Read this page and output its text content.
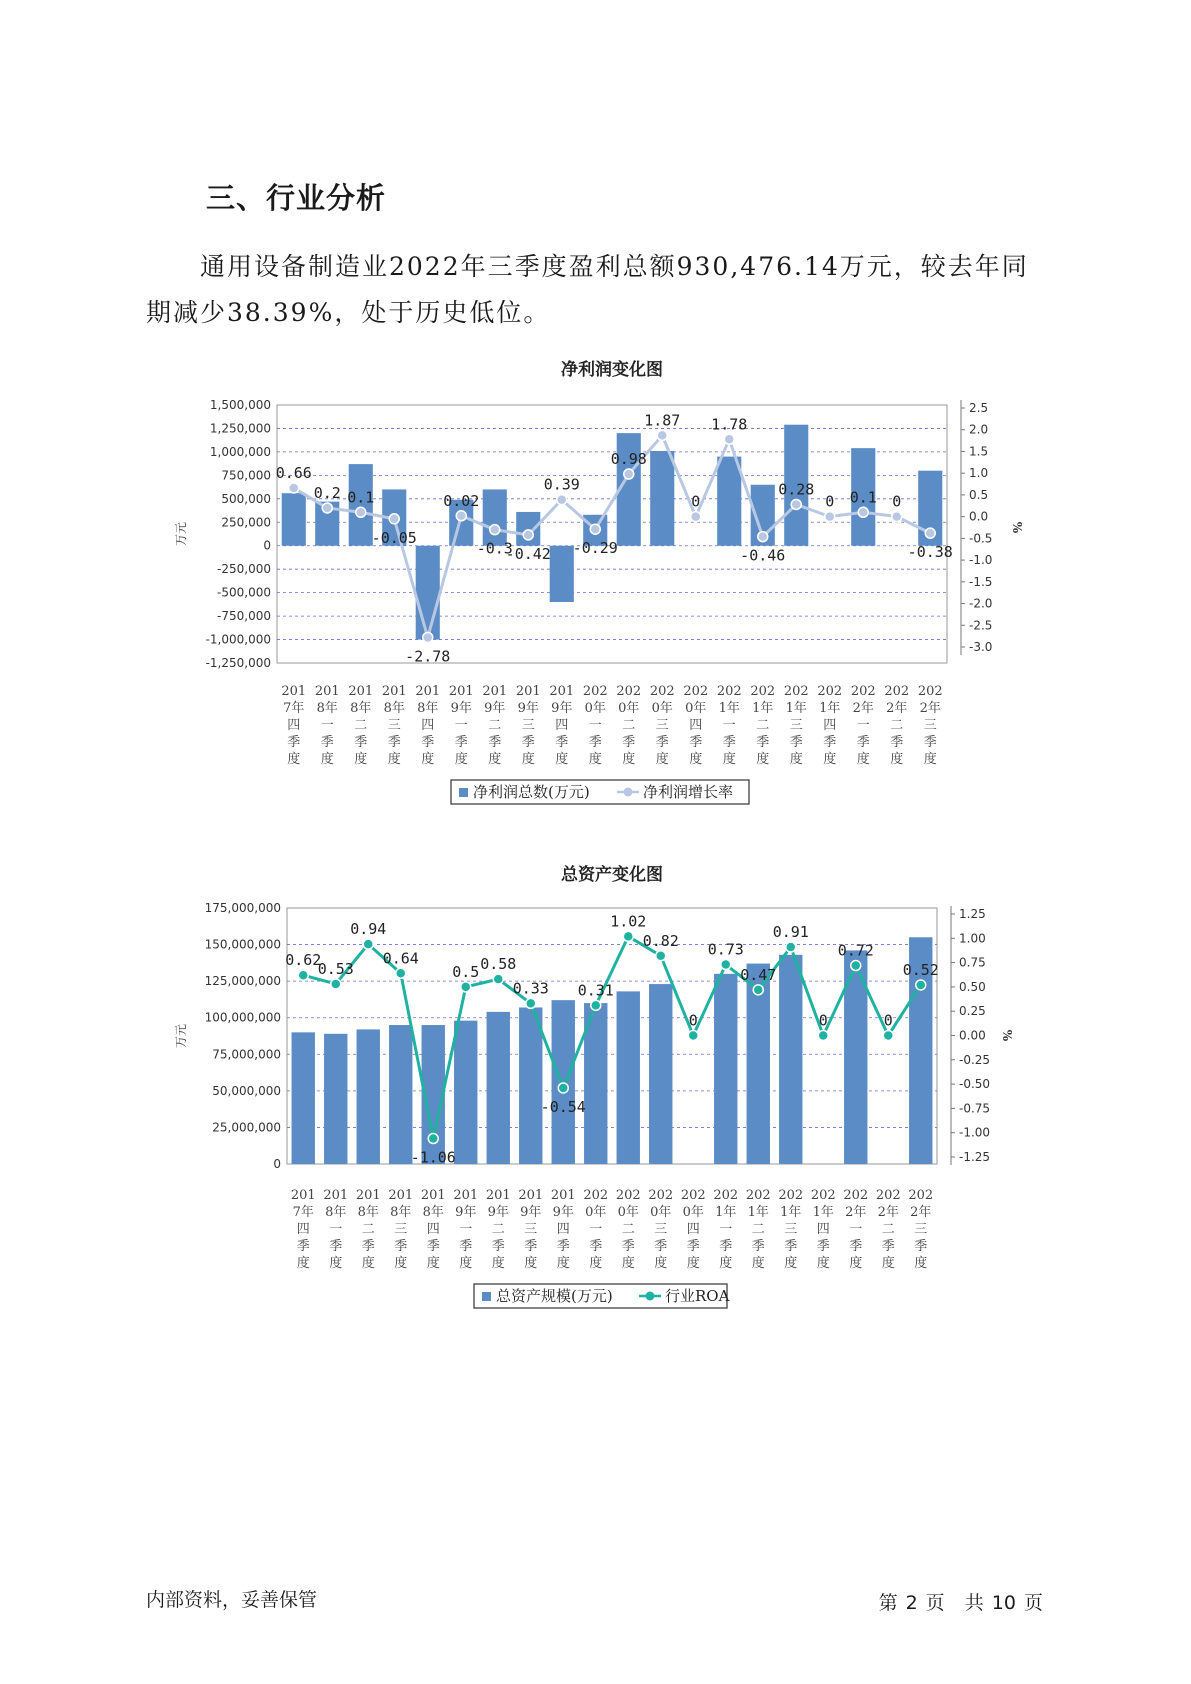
三、行业分析
通用设备制造业2022年三季度盈利总额930,476.14万元，较去年同期减少38.39%，处于历史低位。
净利润变化图
1,500,000
1,250,000
1,000,000
750,000
500,000
250,000
0
-250,000
-500,000
-750,000
-1,000,000
-1,250,000
万元
2.5
2.0
1.5
1.0
0.5
0.0
-0.5
-1.0
-1.5
-2.0
-2.5
-3.0
%
0.66
0.2 0.1
-0.05
-2.78
0.02
-0.3
-0.42
0.39
-0.29
0.98
1.87
0
1.78
-0.46
0.28
0 0.1 0
-0.38
201
7年
四
季
度
201
8年
一
季
度
201
8年
二
季
度
201
8年
三
季
度
201
8年
四
季
度
201
9年
一
季
度
201
9年
二
季
度
201
9年
三
季
度
201
9年
四
季
度
202
0年
一
季
度
202
0年
二
季
度
202
0年
三
季
度
202
0年
四
季
度
202
1年
一
季
度
202
1年
二
季
度
202
1年
三
季
度
202
1年
四
季
度
202
2年
一
季
度
202
2年
二
季
度
202
2年
三
季
度
净利润总数(万元)	净利润增长率
总资产变化图
175,000,000
150,000,000
125,000,000
100,000,000
75,000,000
50,000,000
25,000,000
0
万元
1.25
1.00
0.75
0.50
0.25
0.00
-0.25
-0.50
-0.75
-1.00
-1.25
%
0.62
0.53
0.94
0.64
-1.06
0.5 0.58
0.33
-0.54
0.31
1.02
0.82
0
0.73
0.47
0.91
0
0.72
0
0.52
201
7年
四
季
度
201
8年
一
季
度
201
8年
二
季
度
201
8年
三
季
度
201
8年
四
季
度
201
9年
一
季
度
201
9年
二
季
度
201
9年
三
季
度
201
9年
四
季
度
202
0年
一
季
度
202
0年
二
季
度
202
0年
三
季
度
202
0年
四
季
度
202
1年
一
季
度
202
1年
二
季
度
202
1年
三
季
度
202
1年
四
季
度
202
2年
一
季
度
202
2年
二
季
度
202
2年
三
季
度
总资产规模(万元)	行业ROA
内部资料，妥善保管	第 2 页 共 10 页
